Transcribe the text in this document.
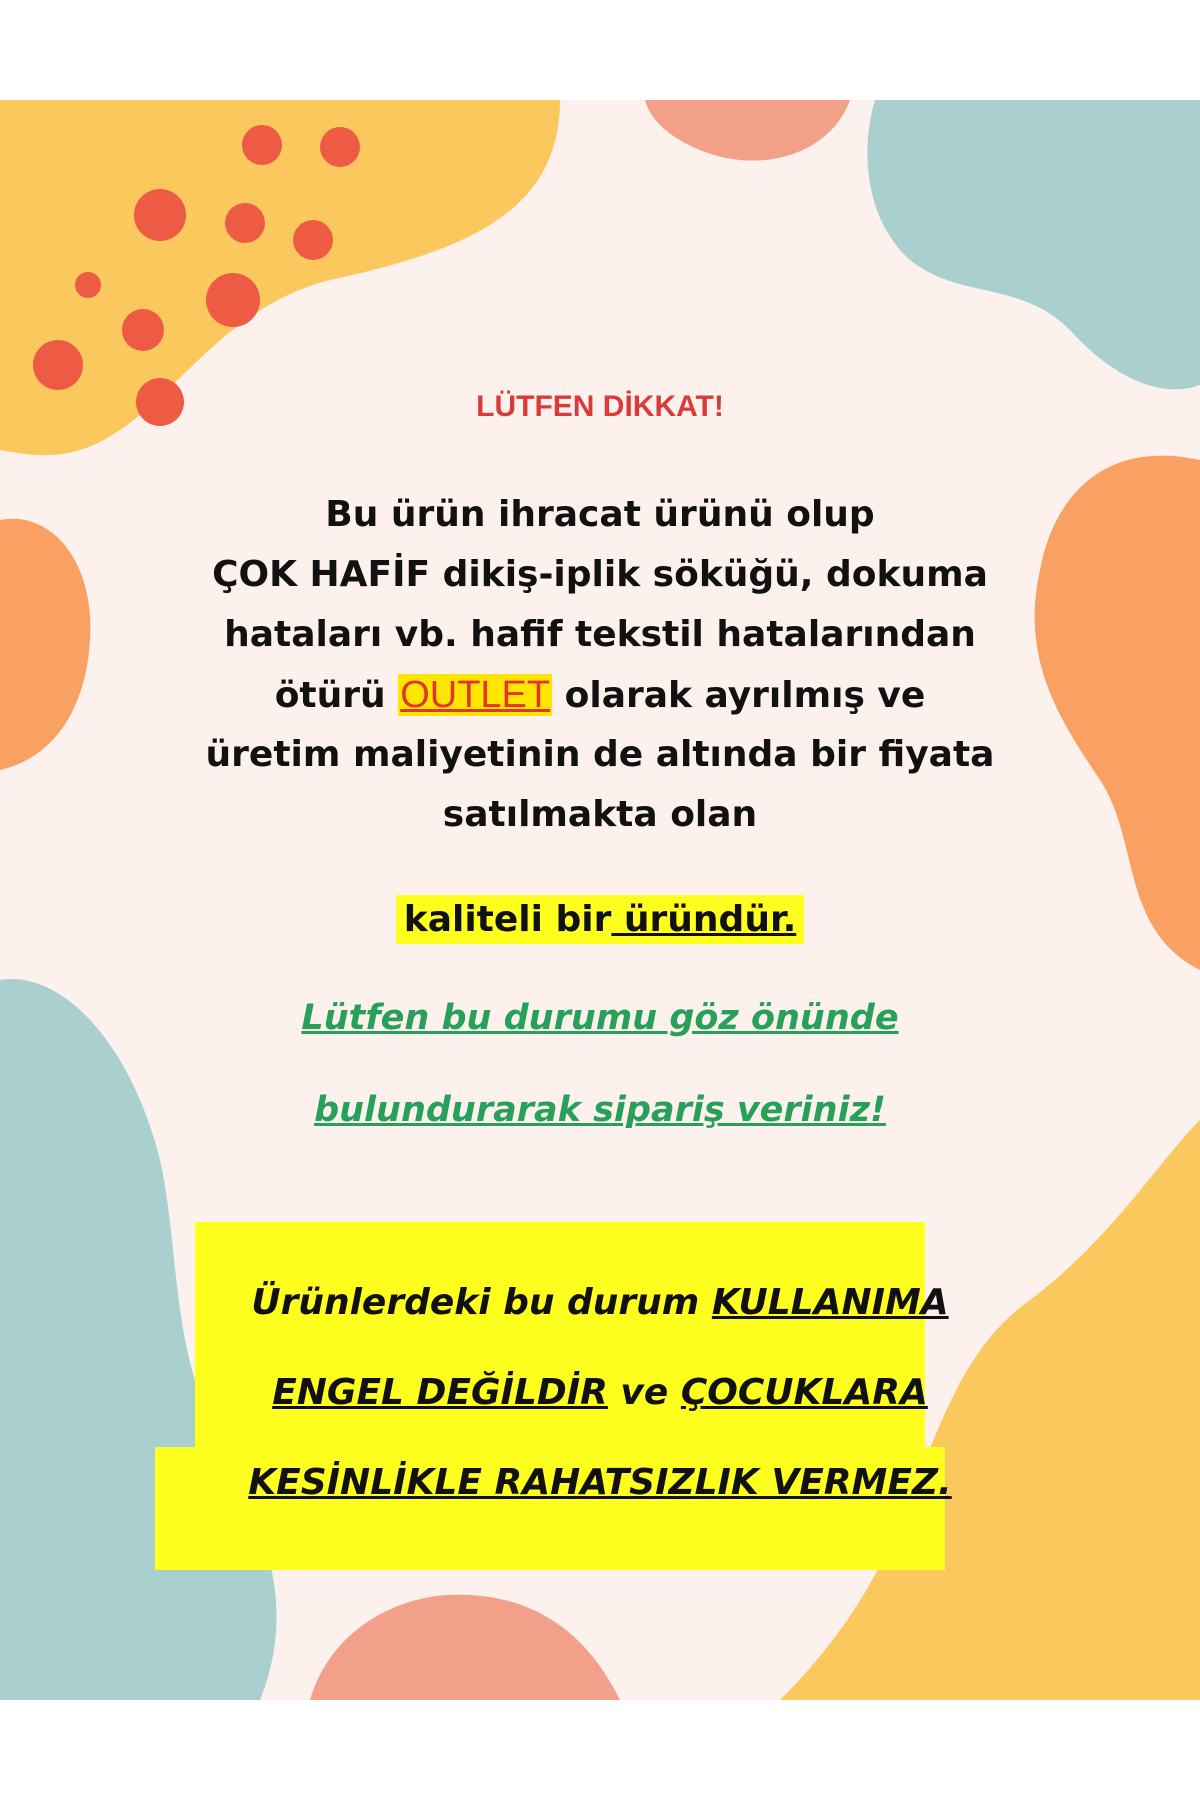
LÜTFEN DİKKAT!
Bu ürün ihracat ürünü olup
ÇOK HAFİF dikiş-iplik söküğü, dokuma
hataları vb. hafif tekstil hatalarından
ötürü OUTLET olarak ayrılmış ve
üretim maliyetinin de altında bir fiyata
satılmakta olan
kaliteli bir üründür.
Lütfen bu durumu göz önünde
bulundurarak sipariş veriniz!
Ürünlerdeki bu durum KULLANIMA
ENGEL DEĞİLDİR ve ÇOCUKLARA
KESİNLİKLE RAHATSIZLIK VERMEZ.
